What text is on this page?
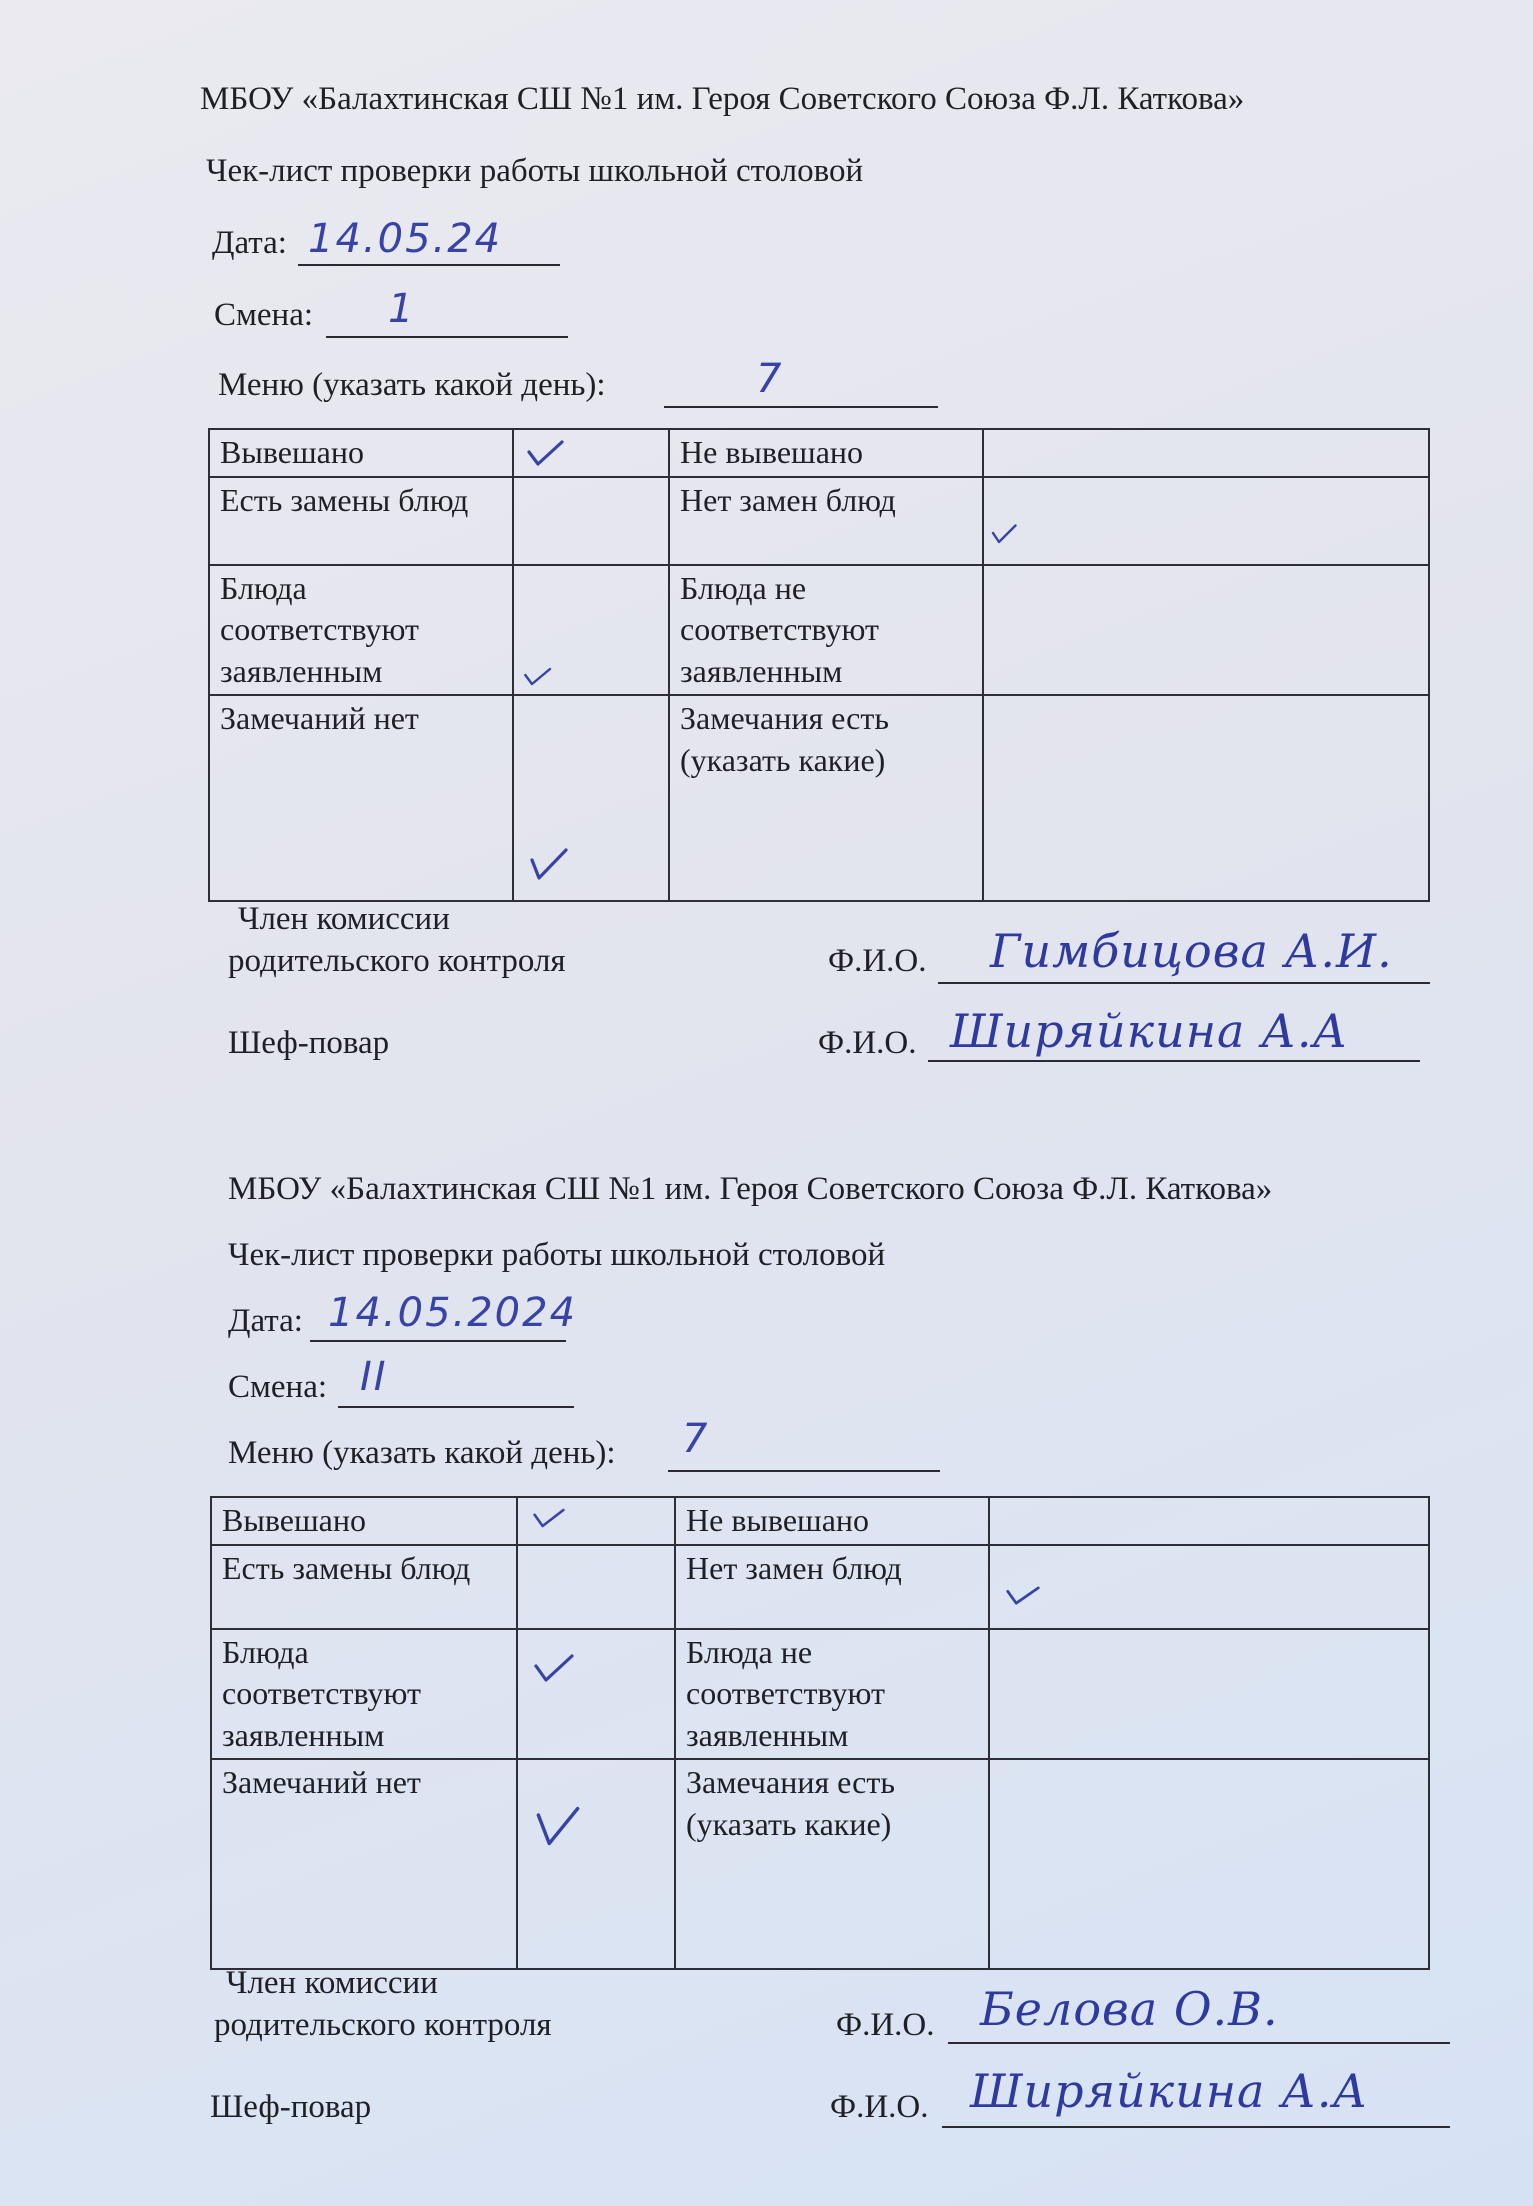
МБОУ «Балахтинская СШ №1 им. Героя Советского Союза Ф.Л. Каткова»
Чек-лист проверки работы школьной столовой
Дата: 14.05.24
Смена: 1
Меню (указать какой день):	7
Вывешано		Не вывешано	
Есть замены блюд		Нет замен блюд	

Блюда соответствуют заявленным		Блюда не соответствуют заявленным	
Замечаний нет		Замечания есть (указать какие)	
Член комиссии
родительского контроля	Ф.И.О. Гимбицова А.И.
Шеф-повар	Ф.И.О. Ширяйкина А.А
МБОУ «Балахтинская СШ №1 им. Героя Советского Союза Ф.Л. Каткова»
Чек-лист проверки работы школьной столовой
Дата: 14.05.2024
Смена: II
Меню (указать какой день): 7
Вывешано		Не вывешано	
Есть замены блюд		Нет замен блюд	

Блюда соответствуют заявленным		Блюда не соответствуют заявленным	
Замечаний нет		Замечания есть (указать какие)	
Член комиссии
родительского контроля	Ф.И.О. Белова О.В.
Шеф-повар	Ф.И.О. Ширяйкина А.А
